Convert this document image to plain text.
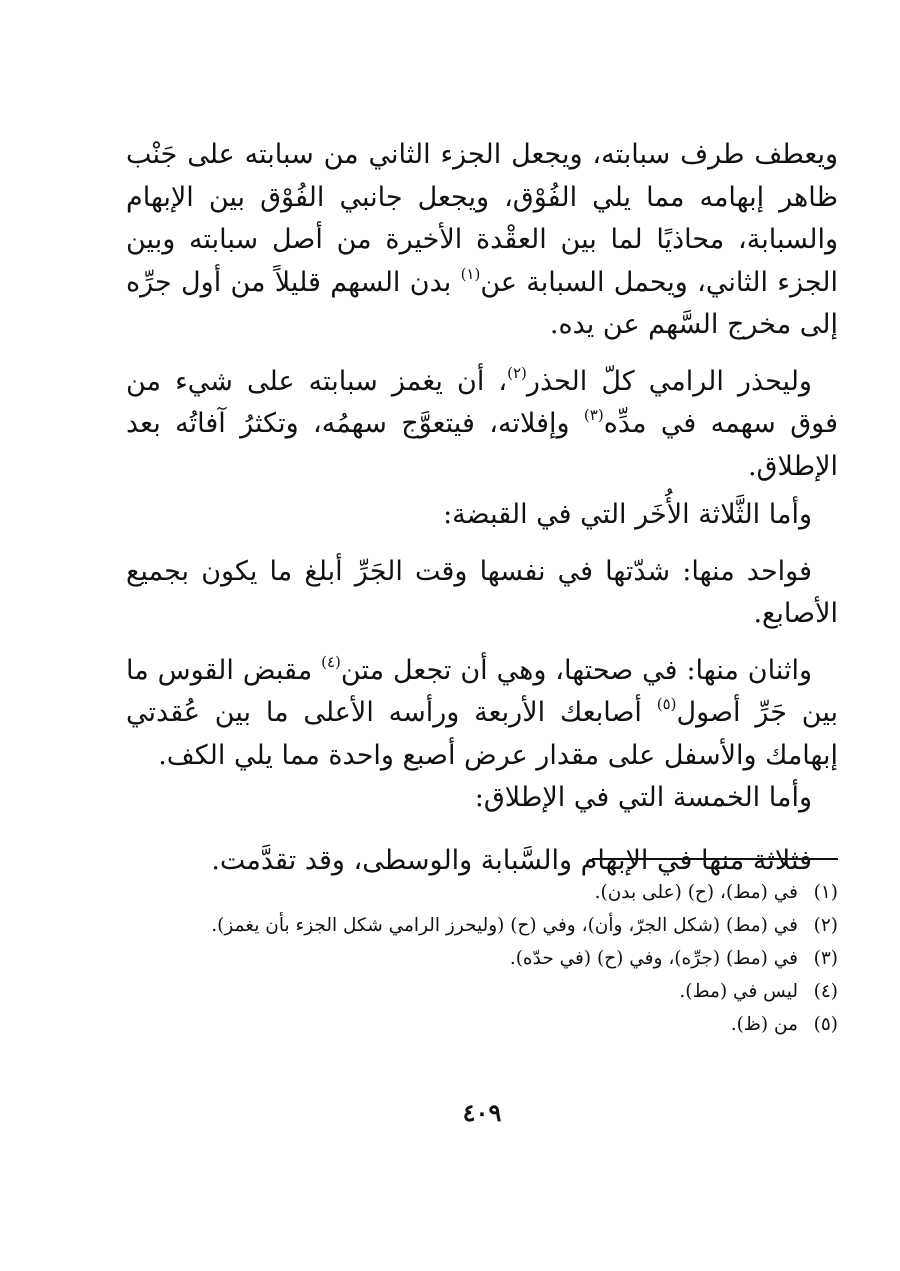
ويعطف طرف سبابته، ويجعل الجزء الثاني من سبابته على جَنْب ظاهر إبهامه مما يلي الفُوْق، ويجعل جانبي الفُوْق بين الإبهام والسبابة، محاذيًا لما بين العقْدة الأخيرة من أصل سبابته وبين الجزء الثاني، ويحمل السبابة عن$^{(١)}$ بدن السهم قليلاً من أول جرِّه إلى مخرج السَّهم عن يده.

وليحذر الرامي كلّ الحذر$^{(٢)}$، أن يغمز سبابته على شيء من فوق سهمه في مدِّه$^{(٣)}$ وإفلاته، فيتعوَّج سهمُه، وتكثرُ آفاتُه بعد الإطلاق.

وأما الثَّلاثة الأُخَر التي في القبضة:

فواحد منها: شدّتها في نفسها وقت الجَرِّ أبلغ ما يكون بجميع الأصابع.

واثنان منها: في صحتها، وهي أن تجعل متن$^{(٤)}$ مقبض القوس ما بين جَرِّ أصول$^{(٥)}$ أصابعك الأربعة ورأسه الأعلى ما بين عُقدتي إبهامك والأسفل على مقدار عرض أصبع واحدة مما يلي الكف.

وأما الخمسة التي في الإطلاق:

فثلاثة منها في الإبهام والسَّبابة والوسطى، وقد تقدَّمت.

(١)
في (مط)، (ح) (على بدن).
(٢)
في (مط) (شكل الجرّ، وأن)، وفي (ح) (وليحرز الرامي شكل الجزء بأن يغمز).
(٣)
في (مط) (جرِّه)، وفي (ح) (في حدّه).
(٤)
ليس في (مط).
(٥)
من (ظ).
٤٠٩
